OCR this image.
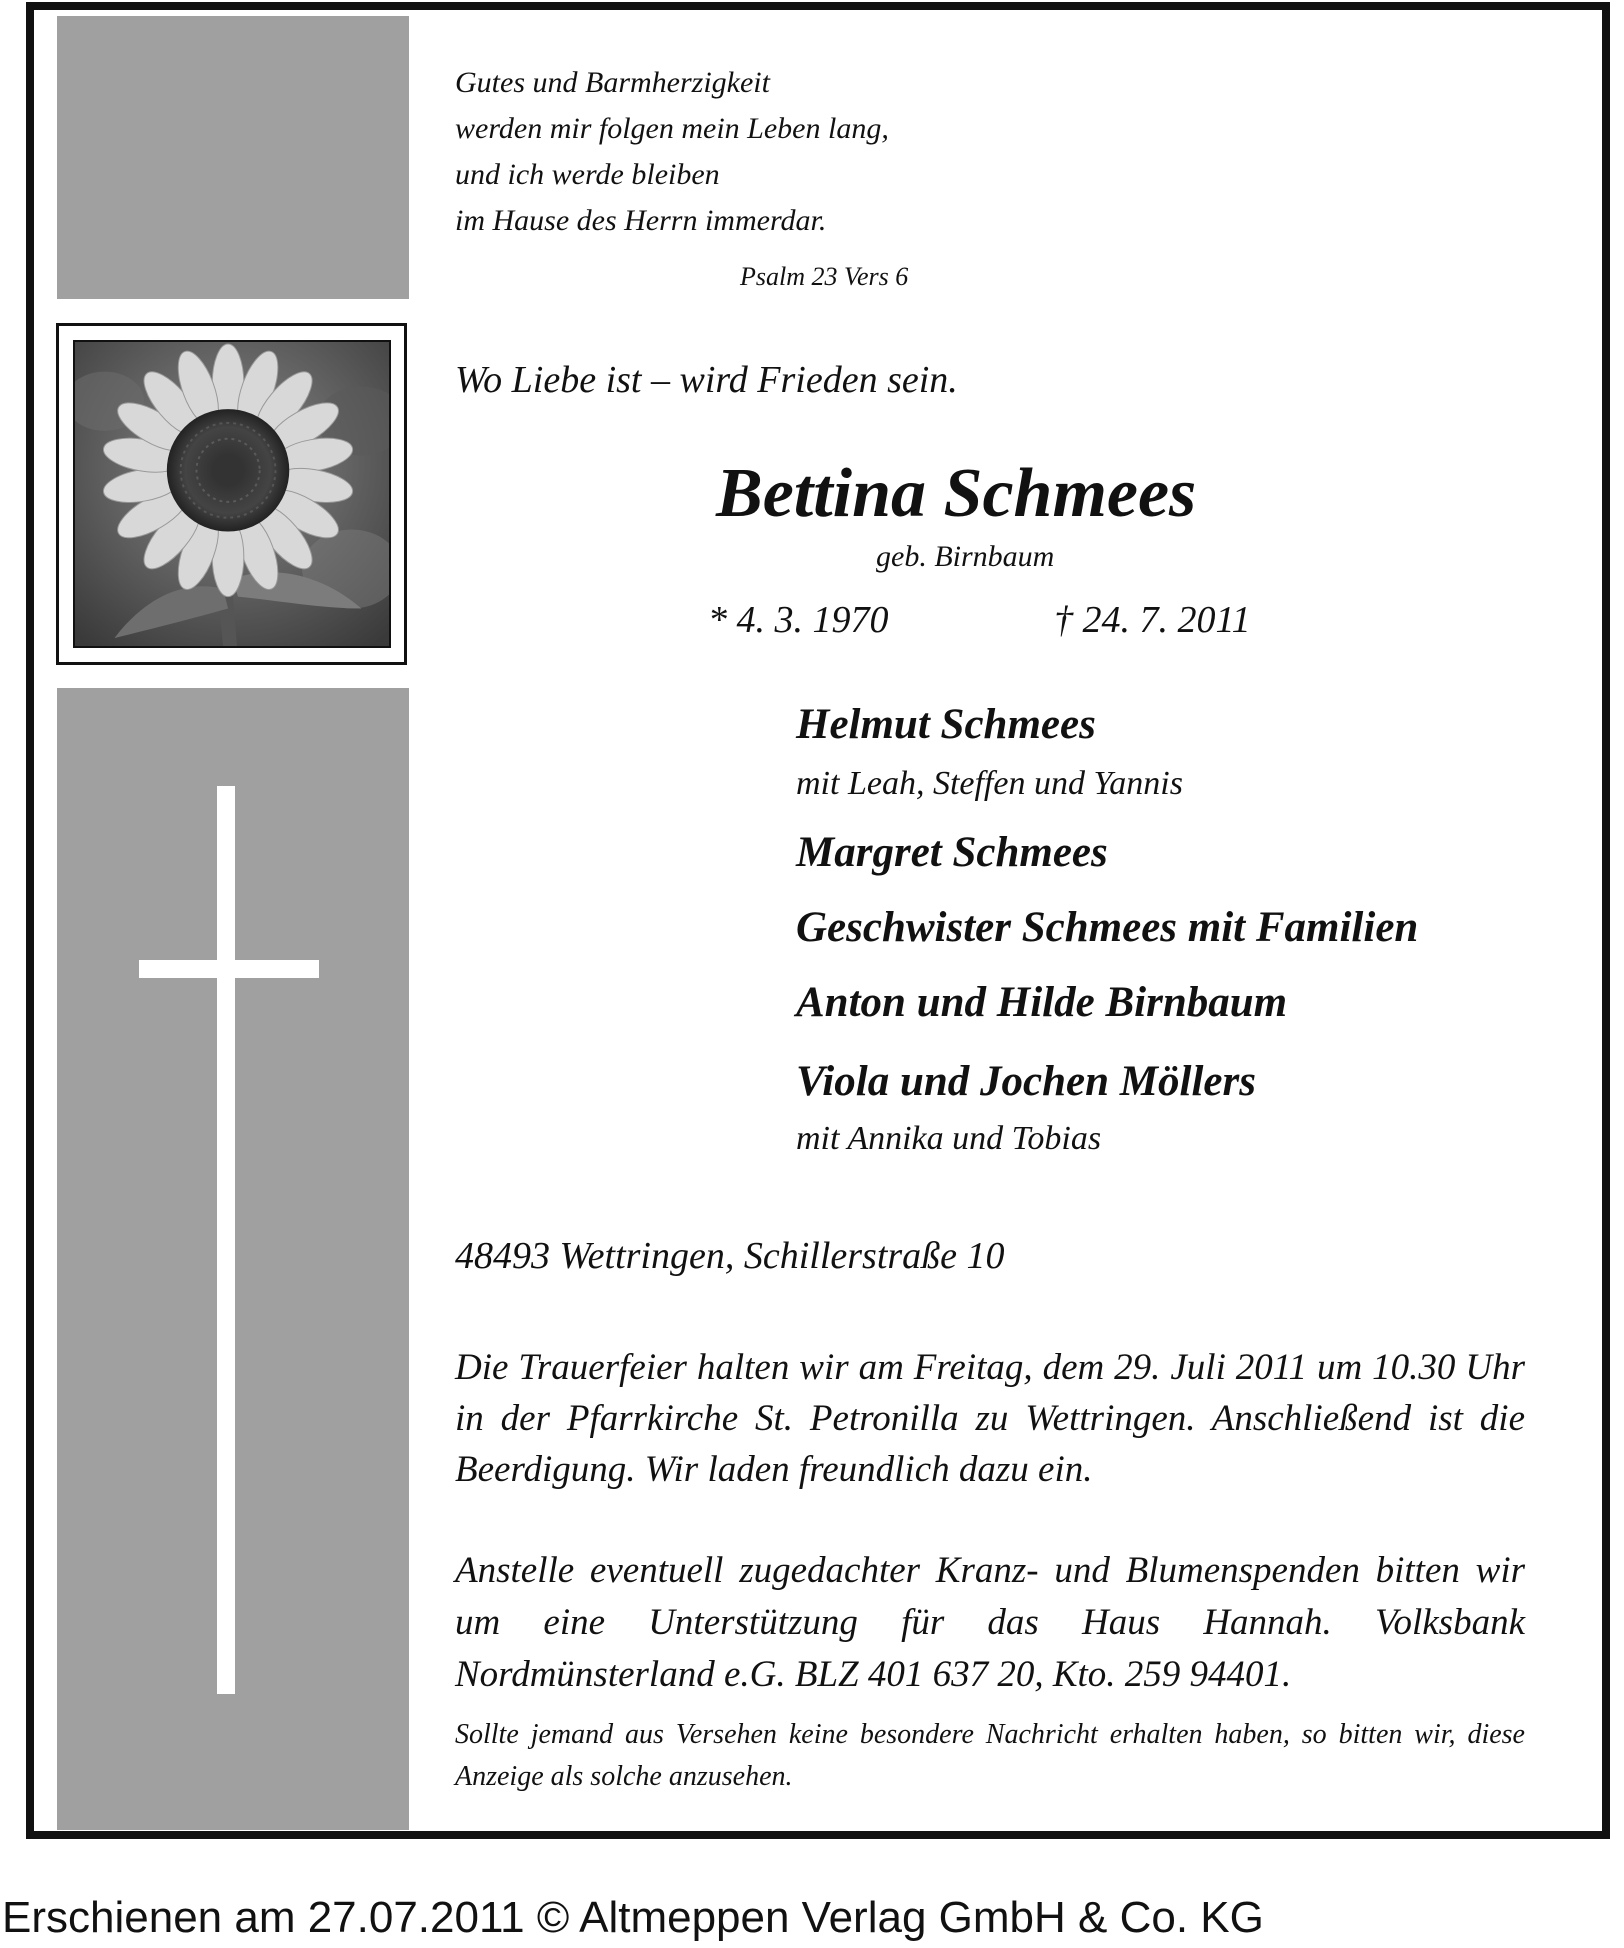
Gutes und Barmherzigkeit
werden mir folgen mein Leben lang,
und ich werde bleiben
im Hause des Herrn immerdar.
Psalm 23 Vers 6
Wo Liebe ist – wird Frieden sein.
Bettina Schmees
geb. Birnbaum
* 4. 3. 1970	† 24. 7. 2011
Helmut Schmees
mit Leah, Steffen und Yannis
Margret Schmees
Geschwister Schmees mit Familien
Anton und Hilde Birnbaum
Viola und Jochen Möllers
mit Annika und Tobias
48493 Wettringen, Schillerstraße 10
Die Trauerfeier halten wir am Freitag, dem 29. Juli 2011 um 10.30 Uhr in der Pfarrkirche St. Petronilla zu Wettringen. Anschließend ist die Beerdigung. Wir laden freundlich dazu ein.
Anstelle eventuell zugedachter Kranz- und Blumenspenden bitten wir um eine Unterstützung für das Haus Hannah. Volksbank Nordmünsterland e.G. BLZ 401 637 20, Kto. 259 94401.
Sollte jemand aus Versehen keine besondere Nachricht erhalten haben, so bitten wir, diese Anzeige als solche anzusehen.
Erschienen am 27.07.2011 © Altmeppen Verlag GmbH & Co. KG
